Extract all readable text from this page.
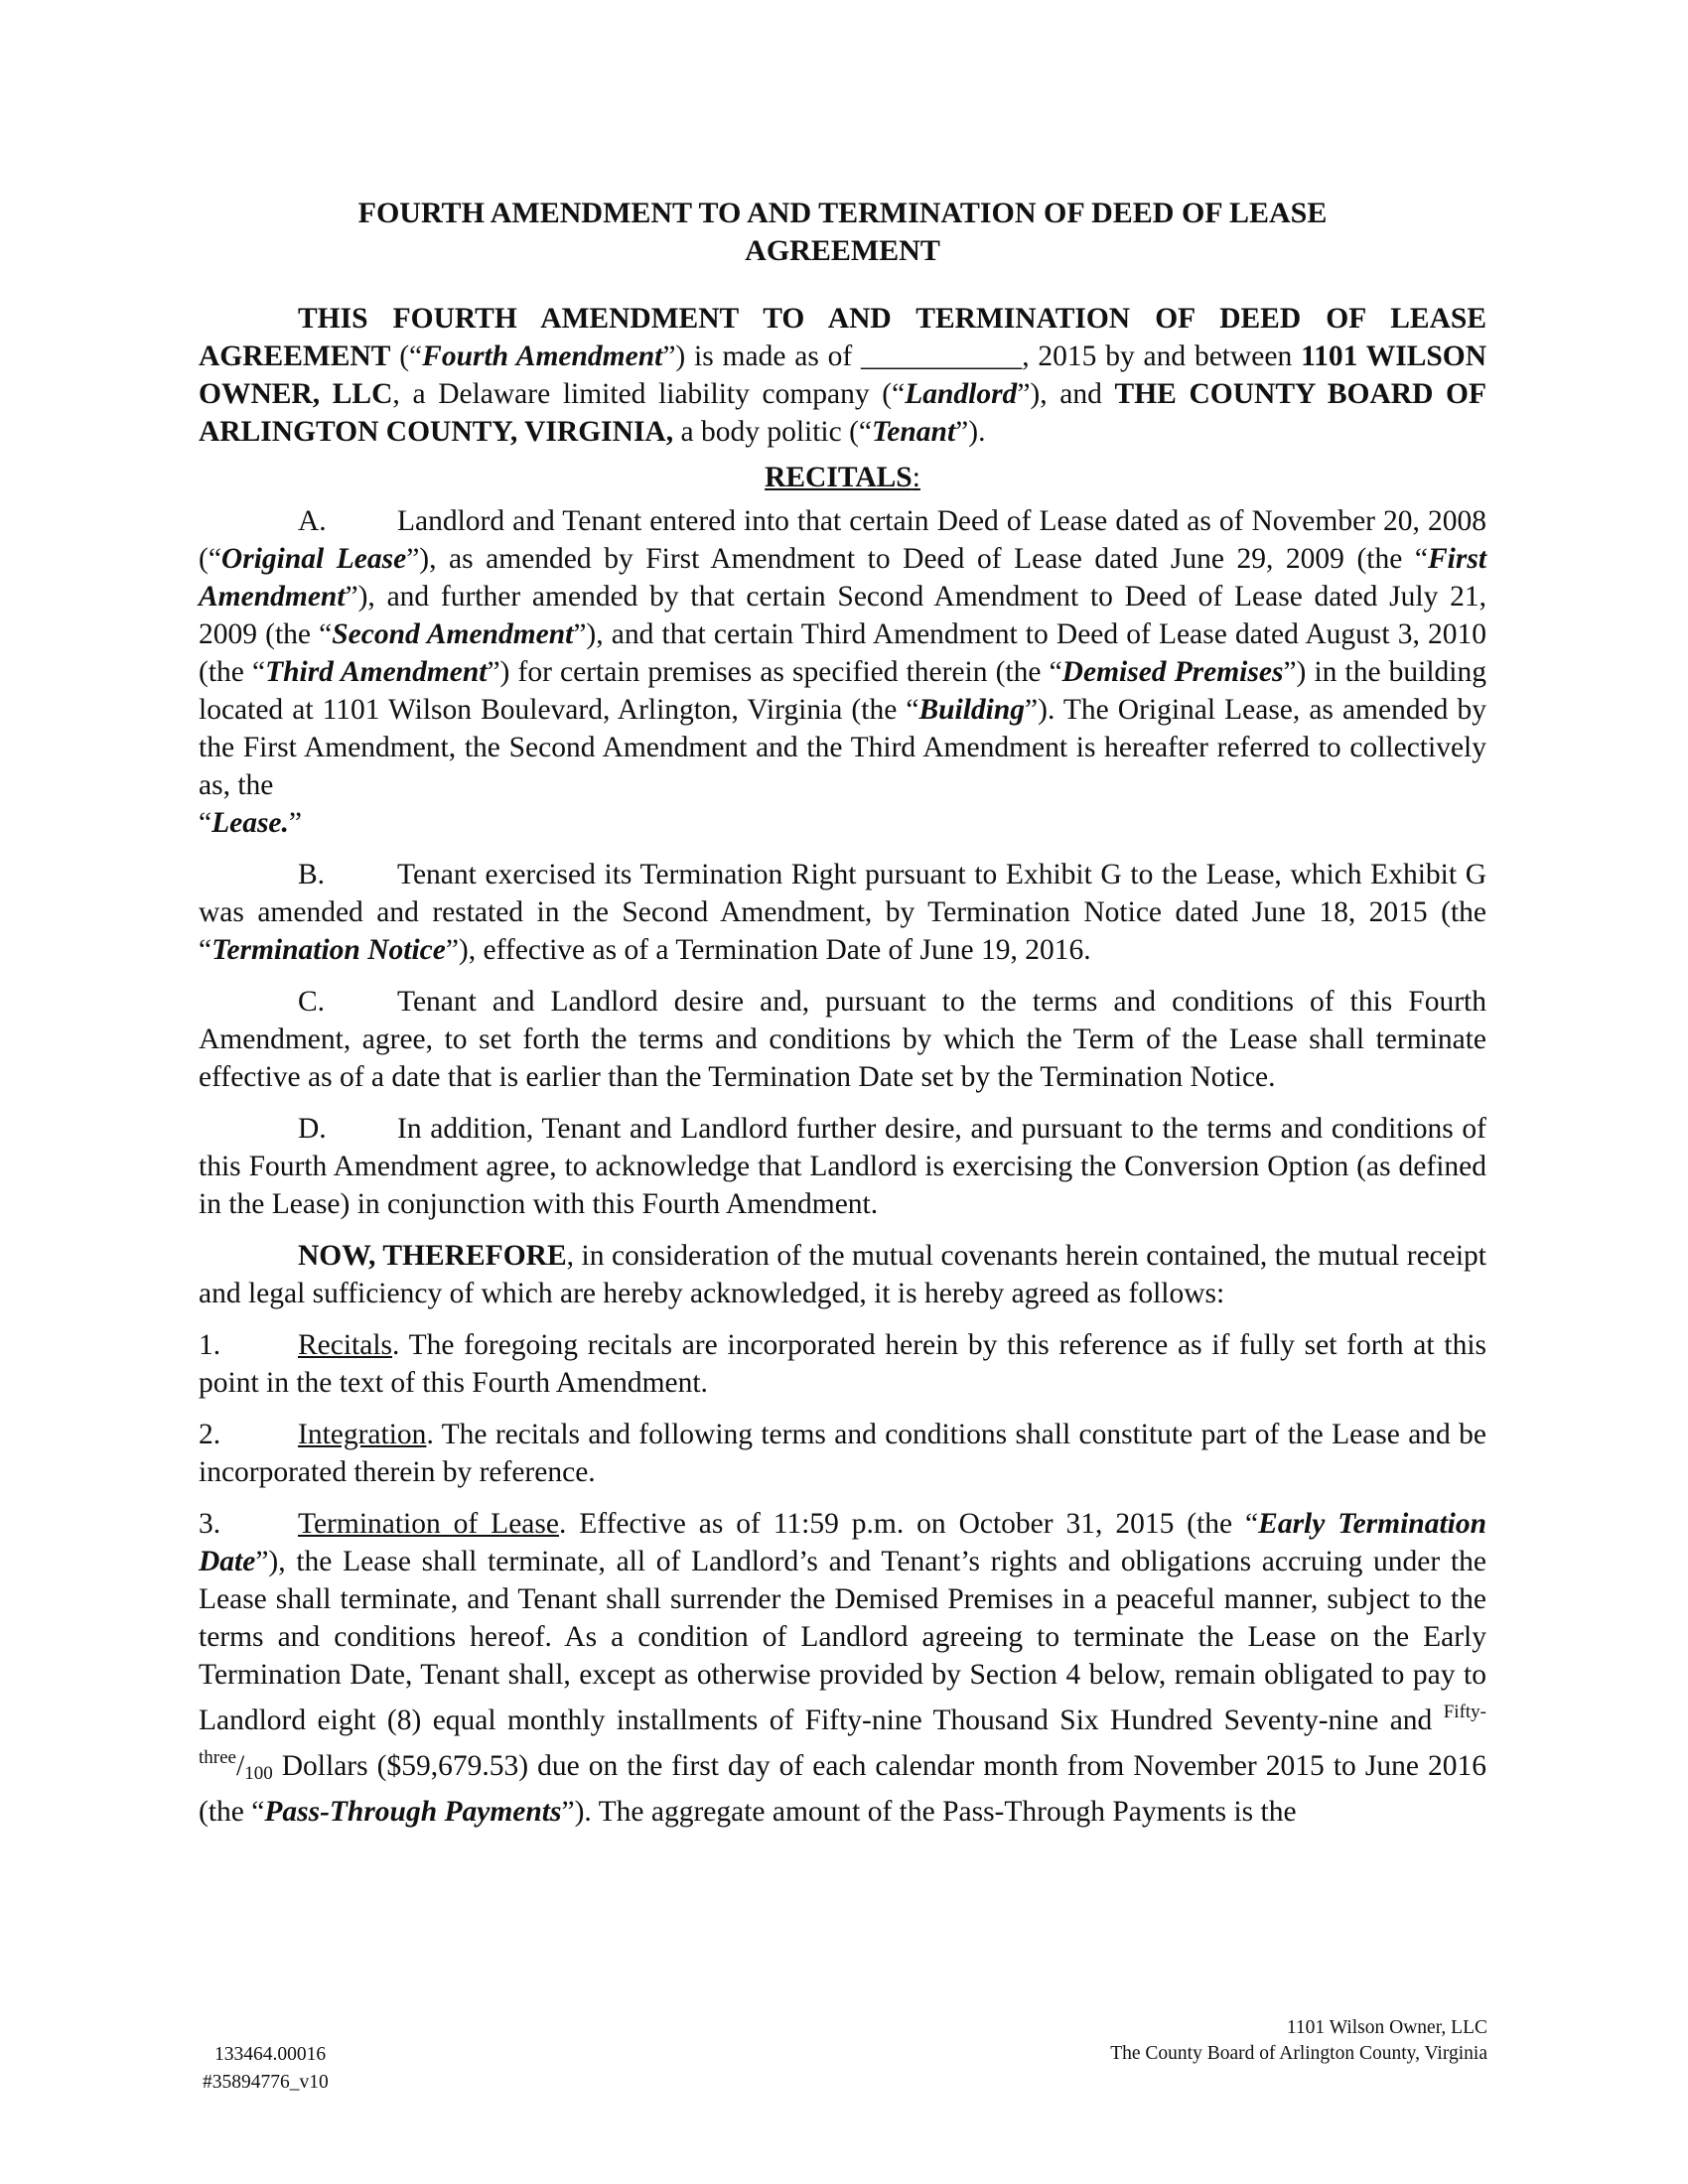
FOURTH AMENDMENT TO AND TERMINATION OF DEED OF LEASE
AGREEMENT

THIS FOURTH AMENDMENT TO AND TERMINATION OF DEED OF LEASE AGREEMENT (“Fourth Amendment”) is made as of ___________, 2015 by and between 1101 WILSON OWNER, LLC, a Delaware limited liability company (“Landlord”), and THE COUNTY BOARD OF ARLINGTON COUNTY, VIRGINIA, a body politic (“Tenant”).

RECITALS:

A. Landlord and Tenant entered into that certain Deed of Lease dated as of November 20, 2008 (“Original Lease”), as amended by First Amendment to Deed of Lease dated June 29, 2009 (the “First Amendment”), and further amended by that certain Second Amendment to Deed of Lease dated July 21, 2009 (the “Second Amendment”), and that certain Third Amendment to Deed of Lease dated August 3, 2010 (the “Third Amendment”) for certain premises as specified therein (the “Demised Premises”) in the building located at 1101 Wilson Boulevard, Arlington, Virginia (the “Building”). The Original Lease, as amended by the First Amendment, the Second Amendment and the Third Amendment is hereafter referred to collectively as, the
“Lease.”

B. Tenant exercised its Termination Right pursuant to Exhibit G to the Lease, which Exhibit G was amended and restated in the Second Amendment, by Termination Notice dated June 18, 2015 (the “Termination Notice”), effective as of a Termination Date of June 19, 2016.

C. Tenant and Landlord desire and, pursuant to the terms and conditions of this Fourth Amendment, agree, to set forth the terms and conditions by which the Term of the Lease shall terminate effective as of a date that is earlier than the Termination Date set by the Termination Notice.

D. In addition, Tenant and Landlord further desire, and pursuant to the terms and conditions of this Fourth Amendment agree, to acknowledge that Landlord is exercising the Conversion Option (as defined in the Lease) in conjunction with this Fourth Amendment.

NOW, THEREFORE, in consideration of the mutual covenants herein contained, the mutual receipt and legal sufficiency of which are hereby acknowledged, it is hereby agreed as follows:

1.	Recitals. The foregoing recitals are incorporated herein by this reference as if fully set forth at this point in the text of this Fourth Amendment.

2.	Integration. The recitals and following terms and conditions shall constitute part of the Lease and be incorporated therein by reference.

3.	Termination of Lease. Effective as of 11:59 p.m. on October 31, 2015 (the “Early Termination Date”), the Lease shall terminate, all of Landlord’s and Tenant’s rights and obligations accruing under the Lease shall terminate, and Tenant shall surrender the Demised Premises in a peaceful manner, subject to the terms and conditions hereof. As a condition of Landlord agreeing to terminate the Lease on the Early Termination Date, Tenant shall, except as otherwise provided by Section 4 below, remain obligated to pay to Landlord eight (8) equal monthly installments of Fifty-nine Thousand Six Hundred Seventy-nine and $^{Fifty-three}$/100 Dollars ($59,679.53) due on the first day of each calendar month from November 2015 to June 2016 (the “Pass-Through Payments”). The aggregate amount of the Pass-Through Payments is the

133464.00016
#35894776_v10
1101 Wilson Owner, LLC
The County Board of Arlington County, Virginia
